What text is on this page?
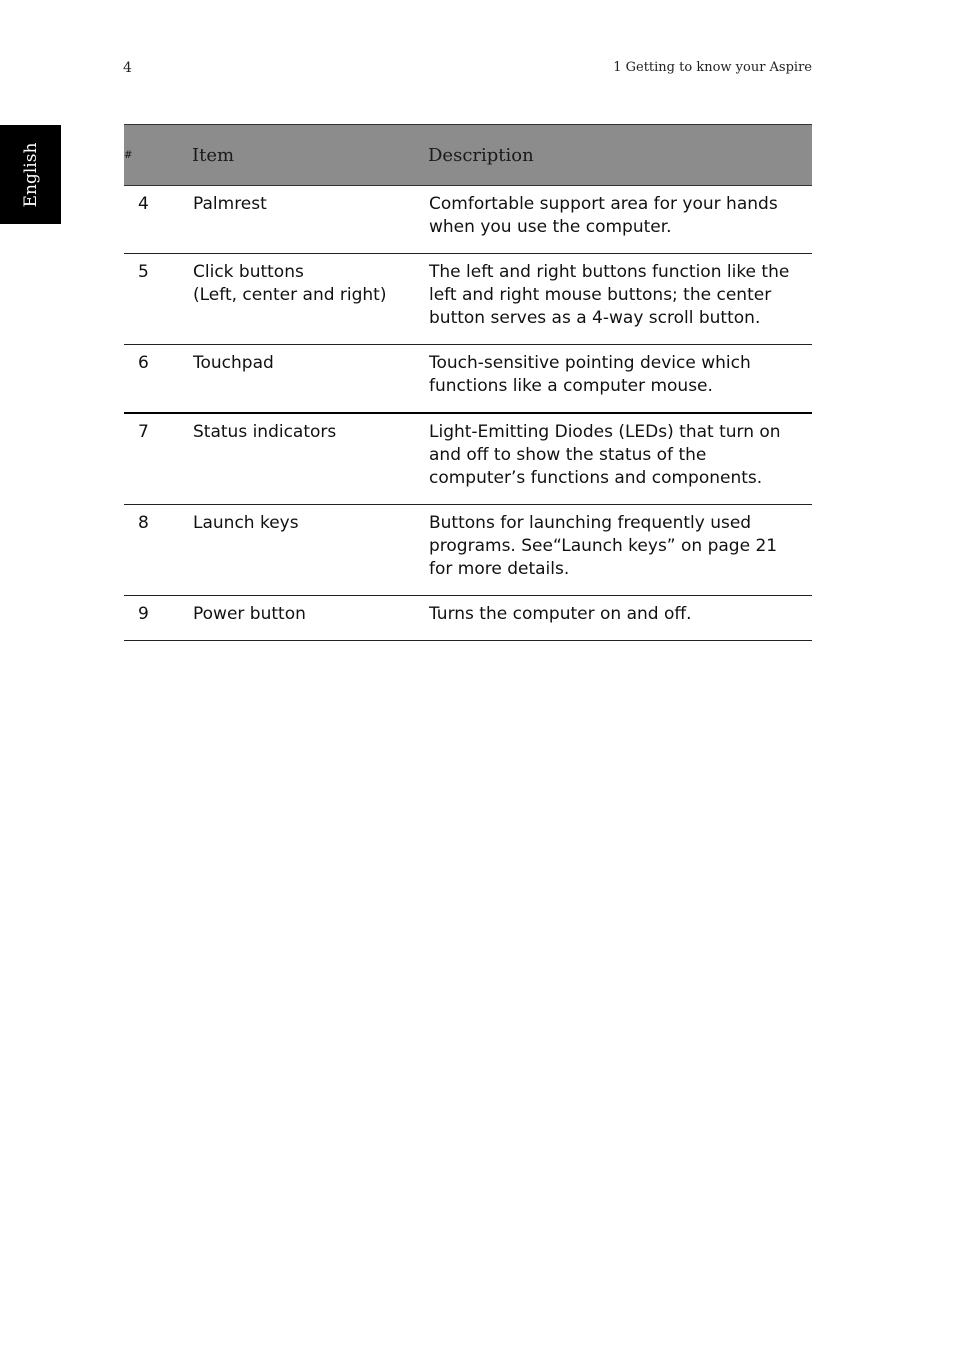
4	1 Getting to know your Aspire
English	#	Item	Description
4	Palmrest	Comfortable support area for your hands
when you use the computer.

5	Click buttons
(Left, center and right)	The left and right buttons function like the
left and right mouse buttons; the center
button serves as a 4-way scroll button.

6	Touchpad	Touch-sensitive pointing device which
functions like a computer mouse.

7	Status indicators	Light-Emitting Diodes (LEDs) that turn on
and off to show the status of the
computer’s functions and components.

8	Launch keys	Buttons for launching frequently used
programs. See“Launch keys” on page 21
for more details.

9	Power button	Turns the computer on and off.
